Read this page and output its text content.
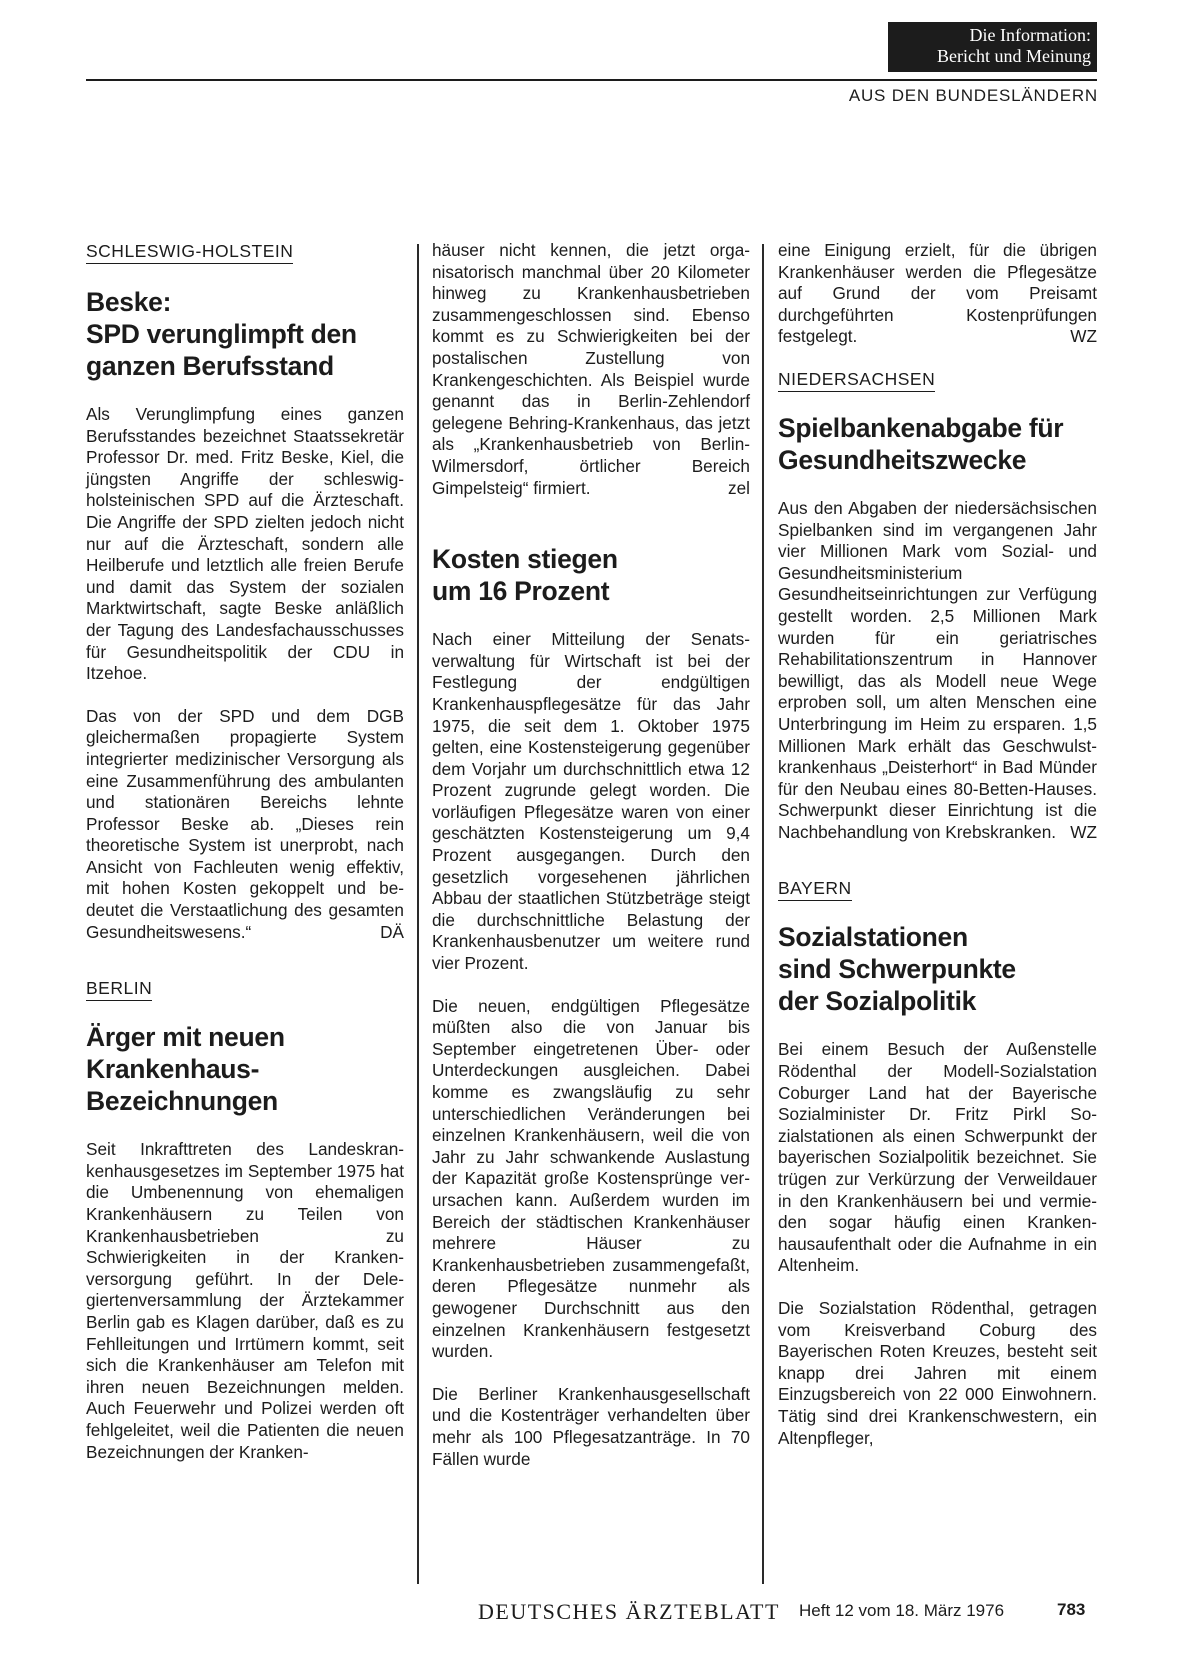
Die Information:
Bericht und Meinung
AUS DEN BUNDESLÄNDERN
SCHLESWIG-HOLSTEIN
Beske:
SPD verunglimpft den
ganzen Berufsstand

Als Verunglimpfung eines ganzen Berufsstandes bezeichnet Staatssekretär Professor Dr. med. Fritz Beske, Kiel, die jüngsten Angriffe der schleswig-holsteinischen SPD auf die Ärzteschaft. Die Angriffe der SPD zielten jedoch nicht nur auf die Ärzteschaft, sondern alle Heilberufe und letztlich alle freien Berufe und damit das System der sozialen Marktwirtschaft, sagte Beske anläßlich der Tagung des Landesfachausschusses für Gesundheitspolitik der CDU in Itzehoe.

Das von der SPD und dem DGB gleichermaßen propagierte System integrierter medizinischer Versorgung als eine Zusammenführung des ambulanten und stationären Bereichs lehnte Professor Beske ab. „Dieses rein theoretische System ist unerprobt, nach Ansicht von Fachleuten wenig effektiv, mit hohen Kosten gekoppelt und bedeutet die Verstaatlichung des gesamten Gesundheitswesens.“	DÄ

BERLIN
Ärger mit neuen
Krankenhaus-
Bezeichnungen

Seit Inkrafttreten des Landeskrankenhausgesetzes im September 1975 hat die Umbenennung von ehemaligen Krankenhäusern zu Teilen von Krankenhausbetrieben zu Schwierigkeiten in der Krankenversorgung geführt. In der Delegiertenversammlung der Ärztekammer Berlin gab es Klagen darüber, daß es zu Fehlleitungen und Irrtümern kommt, seit sich die Krankenhäuser am Telefon mit ihren neuen Bezeichnungen melden. Auch Feuerwehr und Polizei werden oft fehlgeleitet, weil die Patienten die neuen Bezeichnungen der Kranken-

häuser nicht kennen, die jetzt organisatorisch manchmal über 20 Kilometer hinweg zu Krankenhausbetrieben zusammengeschlossen sind. Ebenso kommt es zu Schwierigkeiten bei der postalischen Zustellung von Krankengeschichten. Als Beispiel wurde genannt das in Berlin-Zehlendorf gelegene Behring-Krankenhaus, das jetzt als „Krankenhausbetrieb von Berlin-Wilmersdorf, örtlicher Bereich Gimpelsteig“ firmiert.	zel

Kosten stiegen
um 16 Prozent

Nach einer Mitteilung der Senatsverwaltung für Wirtschaft ist bei der Festlegung der endgültigen Krankenhauspflegesätze für das Jahr 1975, die seit dem 1. Oktober 1975 gelten, eine Kostensteigerung gegenüber dem Vorjahr um durchschnittlich etwa 12 Prozent zugrunde gelegt worden. Die vorläufigen Pflegesätze waren von einer geschätzten Kostensteigerung um 9,4 Prozent ausgegangen. Durch den gesetzlich vorgesehenen jährlichen Abbau der staatlichen Stützbeträge steigt die durchschnittliche Belastung der Krankenhausbenutzer um weitere rund vier Prozent.

Die neuen, endgültigen Pflegesätze müßten also die von Januar bis September eingetretenen Über- oder Unterdeckungen ausgleichen. Dabei komme es zwangsläufig zu sehr unterschiedlichen Veränderungen bei einzelnen Krankenhäusern, weil die von Jahr zu Jahr schwankende Auslastung der Kapazität große Kostensprünge verursachen kann. Außerdem wurden im Bereich der städtischen Krankenhäuser mehrere Häuser zu Krankenhausbetrieben zusammengefaßt, deren Pflegesätze nunmehr als gewogener Durchschnitt aus den einzelnen Krankenhäusern festgesetzt wurden.

Die Berliner Krankenhausgesellschaft und die Kostenträger verhandelten über mehr als 100 Pflegesatzanträge. In 70 Fällen wurde

eine Einigung erzielt, für die übrigen Krankenhäuser werden die Pflegesätze auf Grund der vom Preisamt durchgeführten Kostenprüfungen festgelegt.	WZ

NIEDERSACHSEN
Spielbankenabgabe für
Gesundheitszwecke

Aus den Abgaben der niedersächsischen Spielbanken sind im vergangenen Jahr vier Millionen Mark vom Sozial- und Gesundheitsministerium Gesundheitseinrichtungen zur Verfügung gestellt worden. 2,5 Millionen Mark wurden für ein geriatrisches Rehabilitationszentrum in Hannover bewilligt, das als Modell neue Wege erproben soll, um alten Menschen eine Unterbringung im Heim zu ersparen. 1,5 Millionen Mark erhält das Geschwulstkrankenhaus „Deisterhort“ in Bad Münder für den Neubau eines 80-Betten-Hauses. Schwerpunkt dieser Einrichtung ist die Nachbehandlung von Krebskranken. WZ

BAYERN
Sozialstationen
sind Schwerpunkte
der Sozialpolitik

Bei einem Besuch der Außenstelle Rödenthal der Modell-Sozialstation Coburger Land hat der Bayerische Sozialminister Dr. Fritz Pirkl Sozialstationen als einen Schwerpunkt der bayerischen Sozialpolitik bezeichnet. Sie trügen zur Verkürzung der Verweildauer in den Krankenhäusern bei und vermieden sogar häufig einen Krankenhausaufenthalt oder die Aufnahme in ein Altenheim.

Die Sozialstation Rödenthal, getragen vom Kreisverband Coburg des Bayerischen Roten Kreuzes, besteht seit knapp drei Jahren mit einem Einzugsbereich von 22 000 Einwohnern. Tätig sind drei Krankenschwestern, ein Altenpfleger,

DEUTSCHES ÄRZTEBLATT Heft 12 vom 18. März 1976	783
